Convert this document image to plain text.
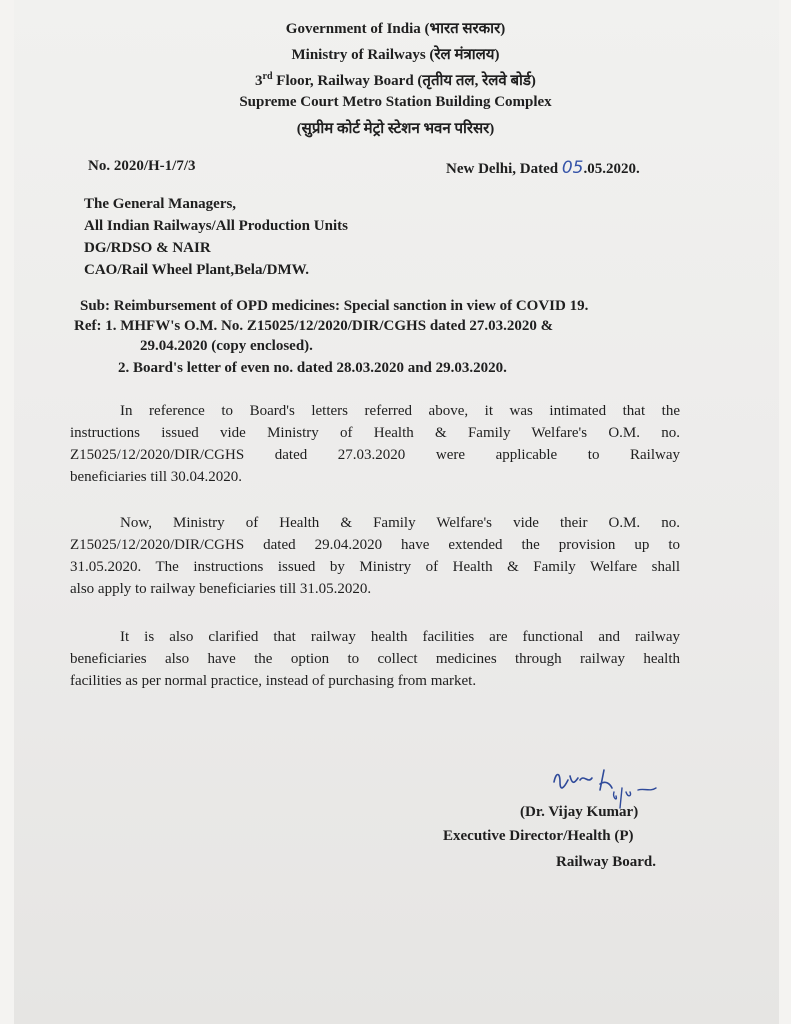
Government of India (भारत सरकार)
Ministry of Railways (रेल मंत्रालय)
3rd Floor, Railway Board (तृतीय तल, रेलवे बोर्ड)
Supreme Court Metro Station Building Complex
(सुप्रीम कोर्ट मेट्रो स्टेशन भवन परिसर)
No. 2020/H-1/7/3	New Delhi, Dated 05.05.2020.
The General Managers,
All Indian Railways/All Production Units
DG/RDSO & NAIR
CAO/Rail Wheel Plant,Bela/DMW.
Sub: Reimbursement of OPD medicines: Special sanction in view of COVID 19.
Ref: 1. MHFW's O.M. No. Z15025/12/2020/DIR/CGHS dated 27.03.2020 &
29.04.2020 (copy enclosed).
2. Board's letter of even no. dated 28.03.2020 and 29.03.2020.
In reference to Board's letters referred above, it was intimated that the
instructions issued vide Ministry of Health & Family Welfare's O.M. no.
Z15025/12/2020/DIR/CGHS dated 27.03.2020 were applicable to Railway
beneficiaries till 30.04.2020.
Now, Ministry of Health & Family Welfare's vide their O.M. no.
Z15025/12/2020/DIR/CGHS dated 29.04.2020 have extended the provision up to
31.05.2020. The instructions issued by Ministry of Health & Family Welfare shall
also apply to railway beneficiaries till 31.05.2020.
It is also clarified that railway health facilities are functional and railway
beneficiaries also have the option to collect medicines through railway health
facilities as per normal practice, instead of purchasing from market.
(Dr. Vijay Kumar)
Executive Director/Health (P)
Railway Board.
